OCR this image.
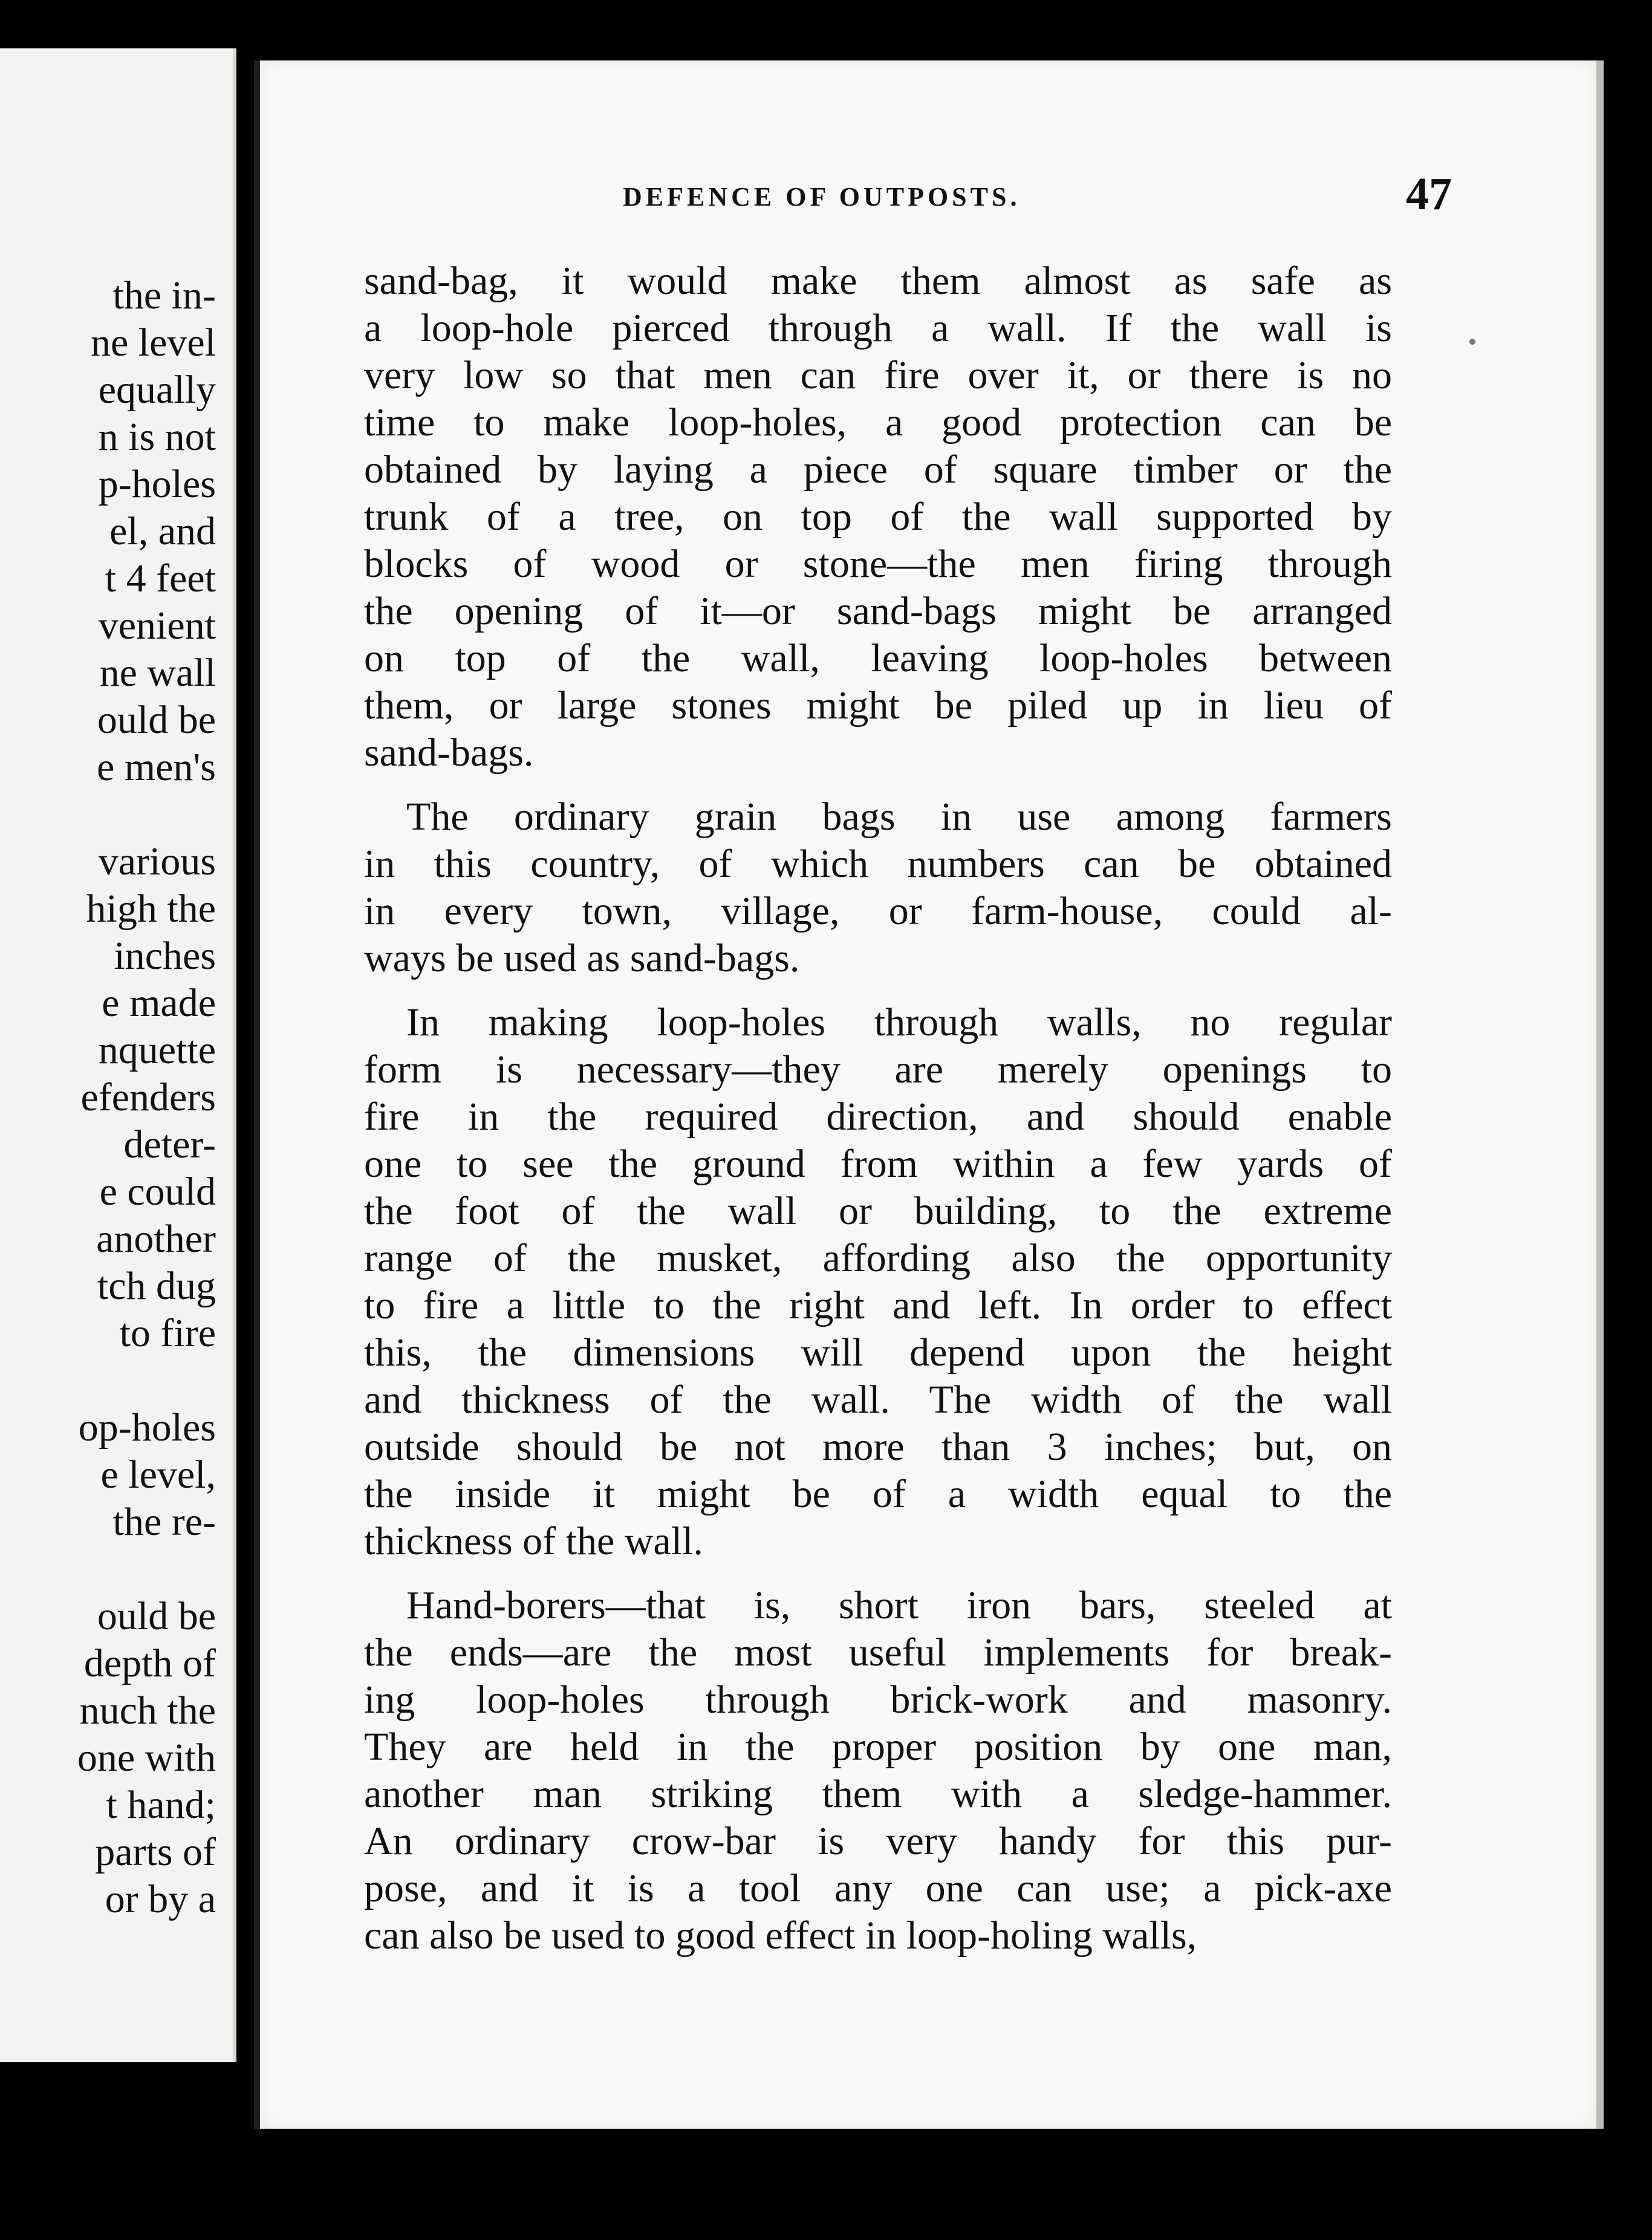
the in-
ne level
equally
n is not
p-holes
el, and
t 4 feet
venient
ne wall
ould be
e men's
various
high the
inches
e made
nquette
efenders
deter-
e could
another
tch dug
to fire
op-holes
e level,
the re-
ould be
depth of
nuch the
one with
t hand;
parts of
or by a
DEFENCE OF OUTPOSTS.	47
sand-bag, it would make them almost as safe as
a loop-hole pierced through a wall. If the wall is
very low so that men can fire over it, or there is no
time to make loop-holes, a good protection can be
obtained by laying a piece of square timber or the
trunk of a tree, on top of the wall supported by
blocks of wood or stone—the men firing through
the opening of it—or sand-bags might be arranged
on top of the wall, leaving loop-holes between
them, or large stones might be piled up in lieu of
sand-bags.
The ordinary grain bags in use among farmers
in this country, of which numbers can be obtained
in every town, village, or farm-house, could al-
ways be used as sand-bags.
In making loop-holes through walls, no regular
form is necessary—they are merely openings to
fire in the required direction, and should enable
one to see the ground from within a few yards of
the foot of the wall or building, to the extreme
range of the musket, affording also the opportunity
to fire a little to the right and left. In order to effect
this, the dimensions will depend upon the height
and thickness of the wall. The width of the wall
outside should be not more than 3 inches; but, on
the inside it might be of a width equal to the
thickness of the wall.
Hand-borers—that is, short iron bars, steeled at
the ends—are the most useful implements for break-
ing loop-holes through brick-work and masonry.
They are held in the proper position by one man,
another man striking them with a sledge-hammer.
An ordinary crow-bar is very handy for this pur-
pose, and it is a tool any one can use; a pick-axe
can also be used to good effect in loop-holing walls,
